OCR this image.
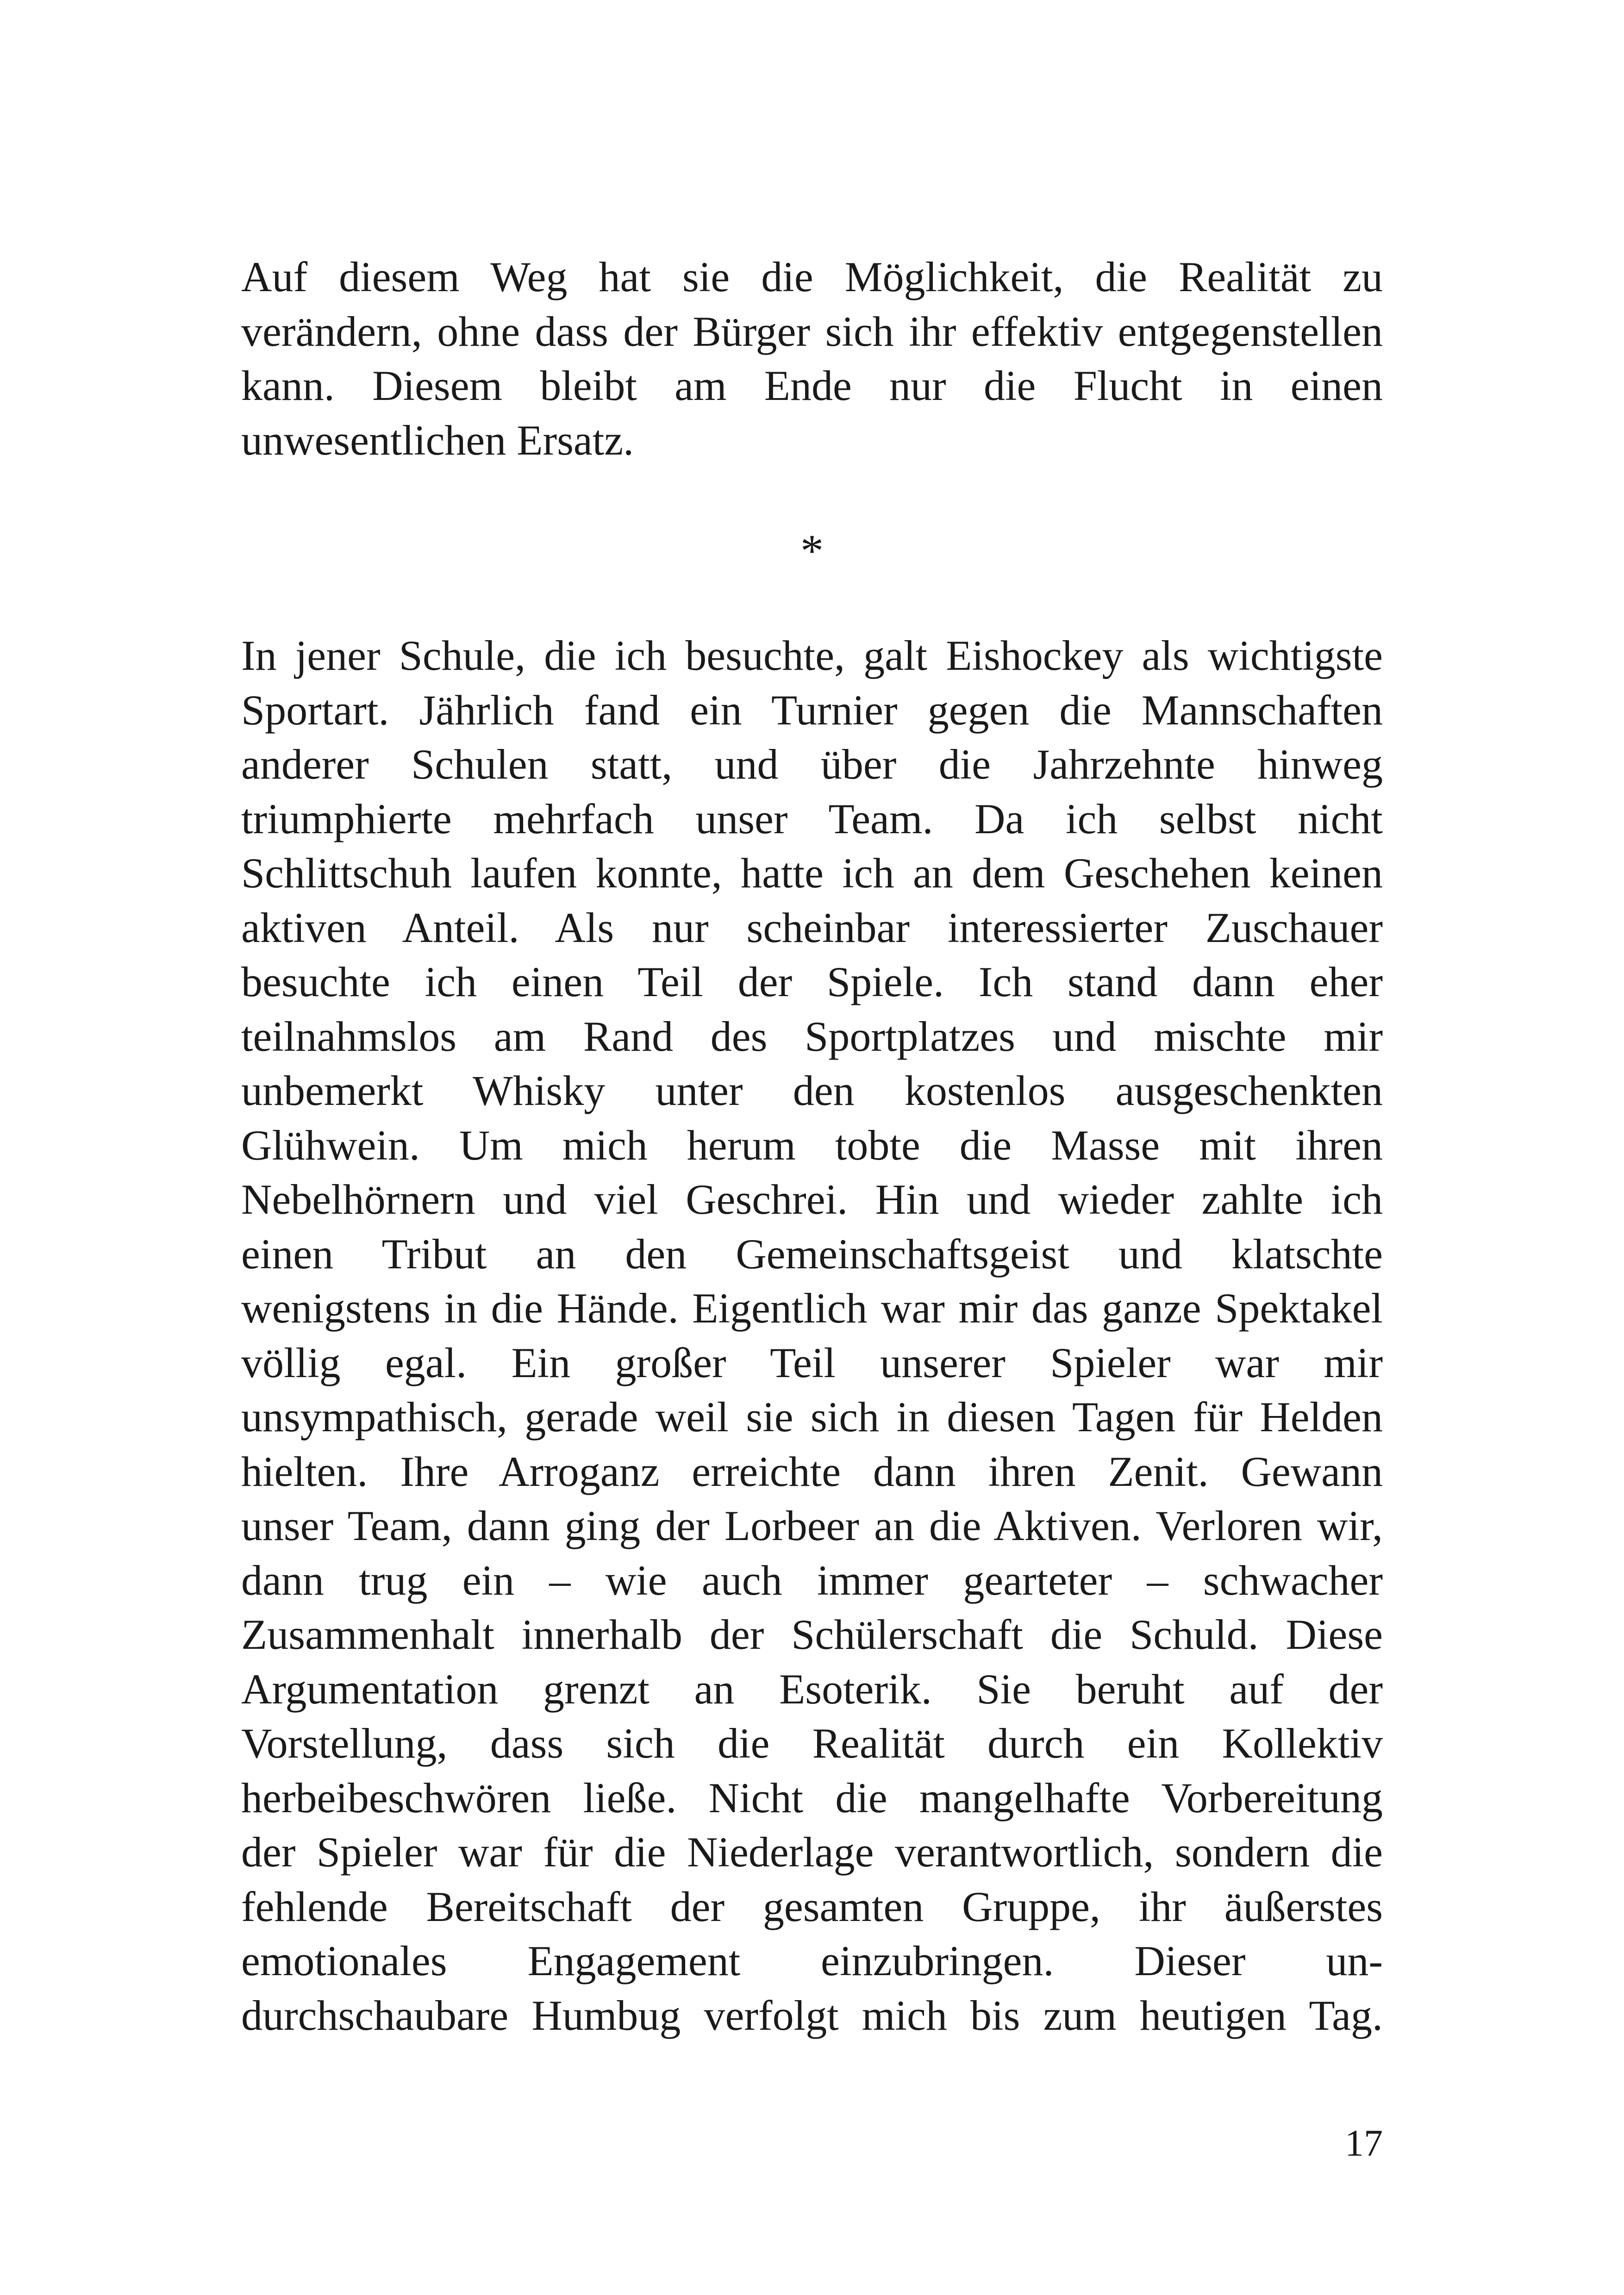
Auf diesem Weg hat sie die Möglichkeit, die Realität zu
verändern, ohne dass der Bürger sich ihr effektiv entgegenstellen
kann. Diesem bleibt am Ende nur die Flucht in einen
unwesentlichen Ersatz.
*
In jener Schule, die ich besuchte, galt Eishockey als wichtigste
Sportart. Jährlich fand ein Turnier gegen die Mannschaften
anderer Schulen statt, und über die Jahrzehnte hinweg
triumphierte mehrfach unser Team. Da ich selbst nicht
Schlittschuh laufen konnte, hatte ich an dem Geschehen keinen
aktiven Anteil. Als nur scheinbar interessierter Zuschauer
besuchte ich einen Teil der Spiele. Ich stand dann eher
teilnahmslos am Rand des Sportplatzes und mischte mir
unbemerkt Whisky unter den kostenlos ausgeschenkten
Glühwein. Um mich herum tobte die Masse mit ihren
Nebelhörnern und viel Geschrei. Hin und wieder zahlte ich
einen Tribut an den Gemeinschaftsgeist und klatschte
wenigstens in die Hände. Eigentlich war mir das ganze Spektakel
völlig egal. Ein großer Teil unserer Spieler war mir
unsympathisch, gerade weil sie sich in diesen Tagen für Helden
hielten. Ihre Arroganz erreichte dann ihren Zenit. Gewann
unser Team, dann ging der Lorbeer an die Aktiven. Verloren wir,
dann trug ein – wie auch immer gearteter – schwacher
Zusammenhalt innerhalb der Schülerschaft die Schuld. Diese
Argumentation grenzt an Esoterik. Sie beruht auf der
Vorstellung, dass sich die Realität durch ein Kollektiv
herbeibeschwören ließe. Nicht die mangelhafte Vorbereitung
der Spieler war für die Niederlage verantwortlich, sondern die
fehlende Bereitschaft der gesamten Gruppe, ihr äußerstes
emotionales Engagement einzubringen. Dieser un-
durchschaubare Humbug verfolgt mich bis zum heutigen Tag.
17
